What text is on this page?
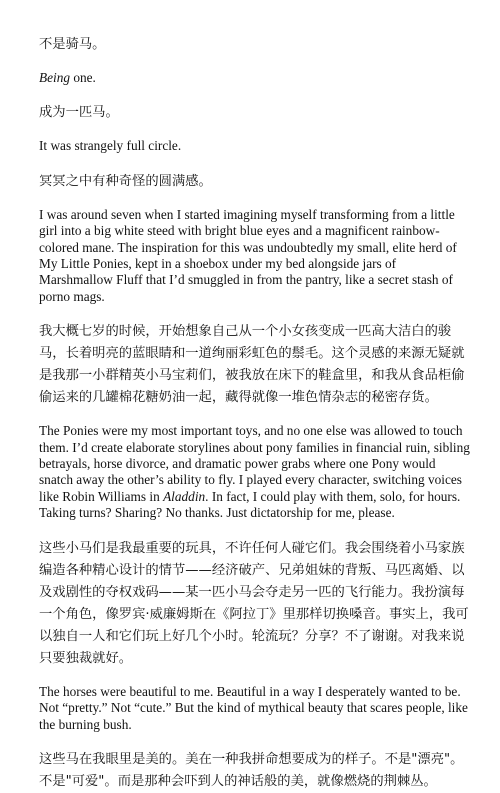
不是骑马。

Being one.

成为一匹马。

It was strangely full circle.

冥冥之中有种奇怪的圆满感。

I was around seven when I started imagining myself transforming from a little girl into a big white steed with bright blue eyes and a magnificent rainbow-colored mane. The inspiration for this was undoubtedly my small, elite herd of My Little Ponies, kept in a shoebox under my bed alongside jars of Marshmallow Fluff that I’d smuggled in from the pantry, like a secret stash of porno mags.

我大概七岁的时候，开始想象自己从一个小女孩变成一匹高大洁白的骏马，长着明亮的蓝眼睛和一道绚丽彩虹色的鬃毛。这个灵感的来源无疑就是我那一小群精英小马宝莉们，被我放在床下的鞋盒里，和我从食品柜偷偷运来的几罐棉花糖奶油一起，藏得就像一堆色情杂志的秘密存货。

The Ponies were my most important toys, and no one else was allowed to touch them. I’d create elaborate storylines about pony families in financial ruin, sibling betrayals, horse divorce, and dramatic power grabs where one Pony would snatch away the other’s ability to fly. I played every character, switching voices like Robin Williams in Aladdin. In fact, I could play with them, solo, for hours. Taking turns? Sharing? No thanks. Just dictatorship for me, please.

这些小马们是我最重要的玩具，不许任何人碰它们。我会围绕着小马家族编造各种精心设计的情节——经济破产、兄弟姐妹的背叛、马匹离婚、以及戏剧性的夺权戏码——某一匹小马会夺走另一匹的飞行能力。我扮演每一个角色，像罗宾·威廉姆斯在《阿拉丁》里那样切换嗓音。事实上，我可以独自一人和它们玩上好几个小时。轮流玩？分享？不了谢谢。对我来说只要独裁就好。

The horses were beautiful to me. Beautiful in a way I desperately wanted to be. Not “pretty.” Not “cute.” But the kind of mythical beauty that scares people, like the burning bush.

这些马在我眼里是美的。美在一种我拼命想要成为的样子。不是"漂亮"。不是"可爱"。而是那种会吓到人的神话般的美，就像燃烧的荆棘丛。
